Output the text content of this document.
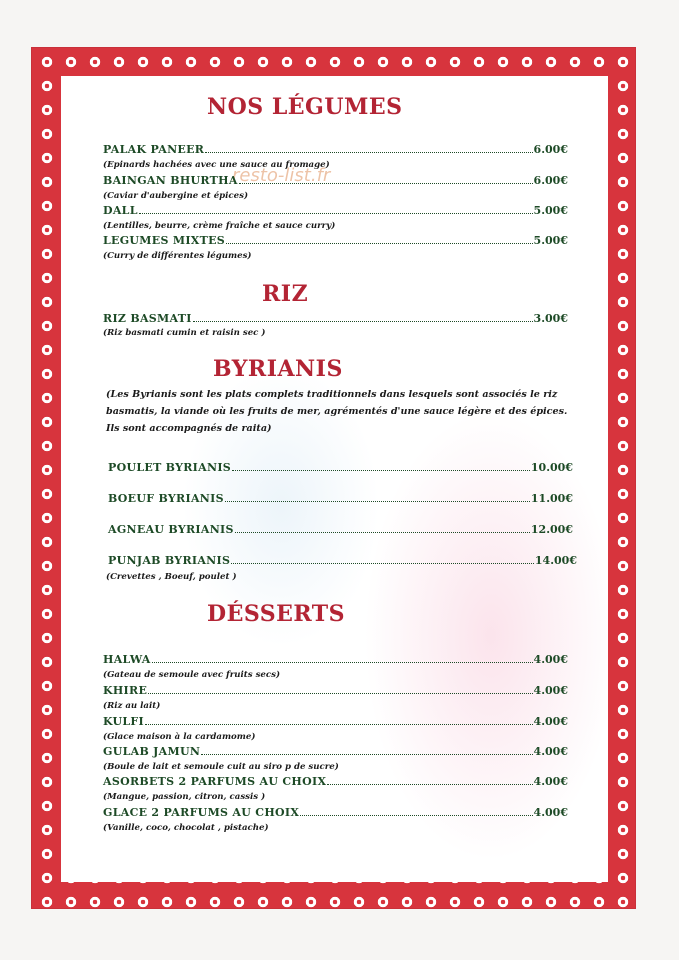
resto-list.fr

NOS LÉGUMES
PALAK PANEER	6.00€

(Epinards hachées avec une sauce au fromage)

BAINGAN BHURTHA	6.00€

(Caviar d'aubergine et épices)

DALL	5.00€

(Lentilles, beurre, crème fraîche et sauce curry)

LEGUMES MIXTES	5.00€

(Curry de différentes légumes)

RIZ
RIZ BASMATI	3.00€

(Riz basmati cumin et raisin sec )

BYRIANIS

(Les Byrianis sont les plats complets traditionnels dans lesquels sont associés le riz basmatis, la viande où les fruits de mer, agrémentés d'une sauce légère et des épices. Ils sont accompagnés de raita)

POULET BYRIANIS	10.00€
BOEUF BYRIANIS	11.00€
AGNEAU BYRIANIS	12.00€
PUNJAB BYRIANIS	14.00€

(Crevettes , Boeuf, poulet )

DÉSSERTS
HALWA	4.00€

(Gateau de semoule avec fruits secs)

KHIRE	4.00€

(Riz au lait)

KULFI	4.00€

(Glace maison à la cardamome)

GULAB JAMUN	4.00€

(Boule de lait et semoule cuit au siro p de sucre)

ASORBETS 2 PARFUMS AU CHOIX	4.00€

(Mangue, passion, citron, cassis )

GLACE 2 PARFUMS AU CHOIX	4.00€

(Vanille, coco, chocolat , pistache)
